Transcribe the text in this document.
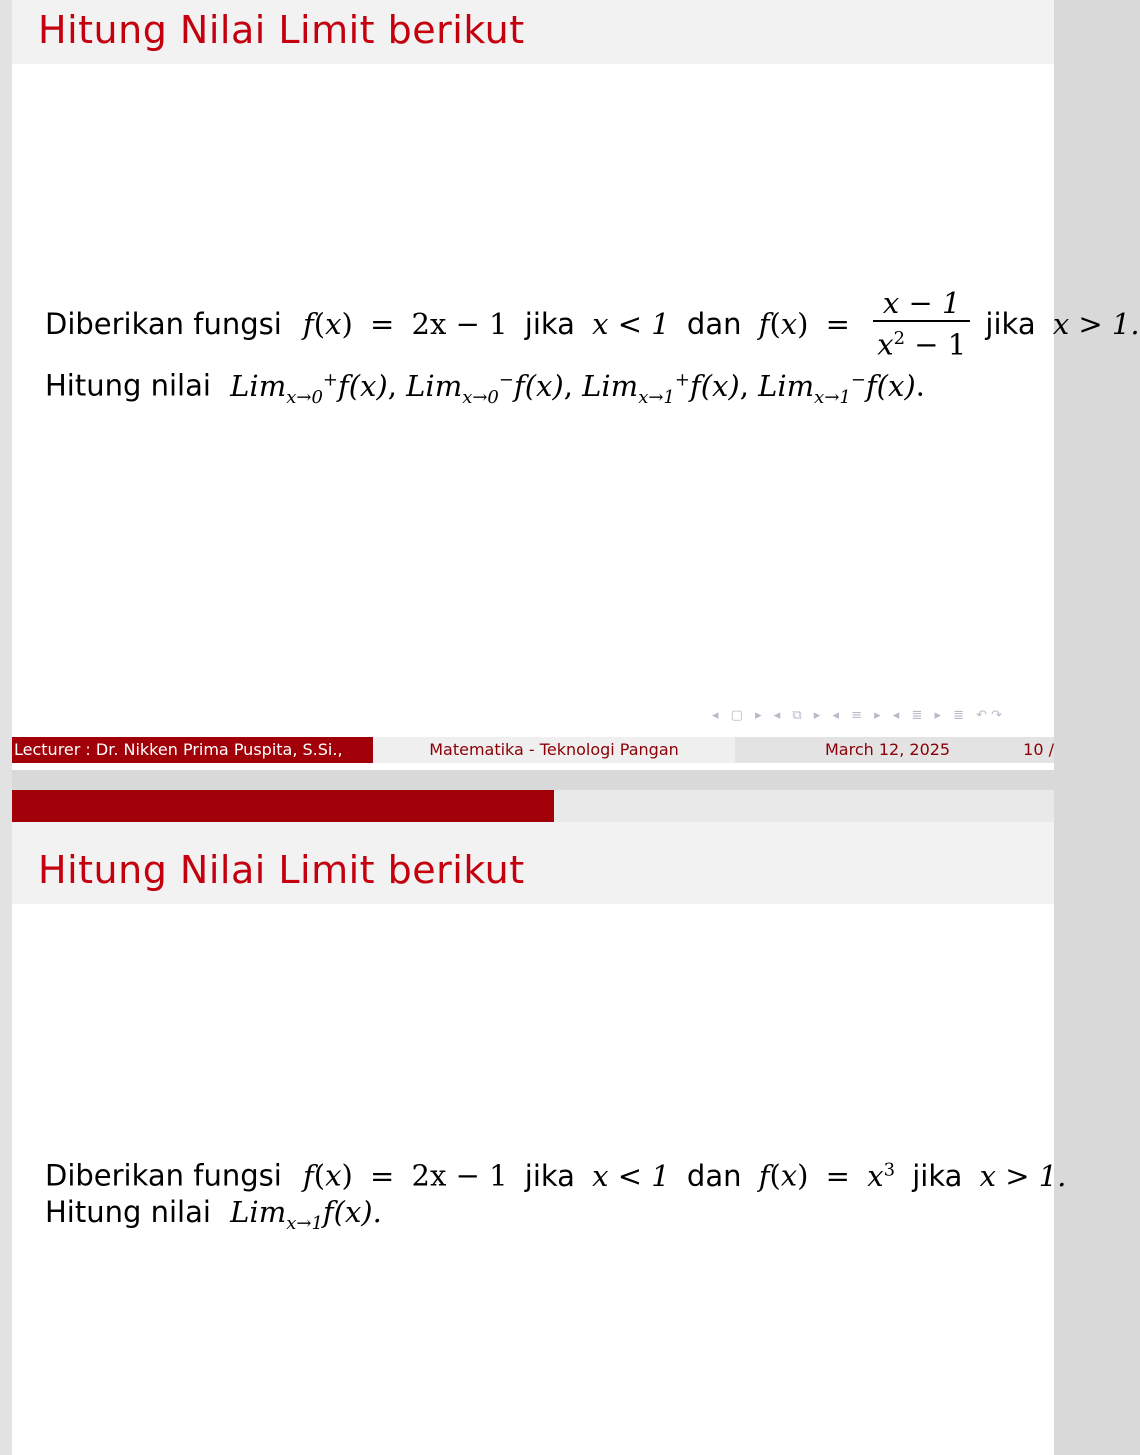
Hitung Nilai Limit berikut
Diberikan fungsi f(x) = 2x − 1 jika x < 1 dan $f(x) = \frac{x - 1}{x^2 - 1}$ jika x > 1.
Hitung nilai Lim$_{x\to 0}$+f(x), Lim$_{x\to 0}$−f(x), Lim$_{x\to 1}$+f(x), Lim$_{x\to 1}$−f(x).
◂ ▢ ▸ ◂ ⧉ ▸ ◂ ≡ ▸ ◂ ≣ ▸ ≣ ↶↷
Lecturer : Dr. Nikken Prima Puspita, S.Si.,	Matematika - Teknologi Pangan	March 12, 2025	10 /
Hitung Nilai Limit berikut
Diberikan fungsi f(x) = 2x − 1 jika x < 1 dan $f(x) = x^3$ jika x > 1.
Hitung nilai Lim$_{x\to 1}$f(x).
